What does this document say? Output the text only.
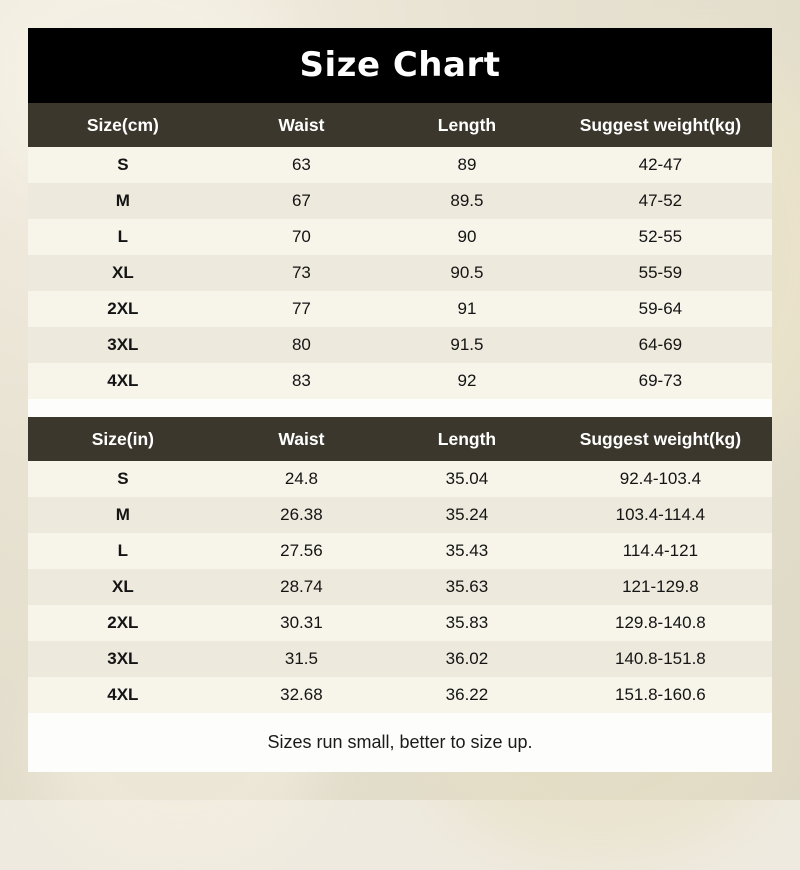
Size Chart
Size(cm)	Waist	Length	Suggest weight(kg)
S	63	89	42-47
M	67	89.5	47-52
L	70	90	52-55
XL	73	90.5	55-59
2XL	77	91	59-64
3XL	80	91.5	64-69
4XL	83	92	69-73
Size(in)	Waist	Length	Suggest weight(kg)
S	24.8	35.04	92.4-103.4
M	26.38	35.24	103.4-114.4
L	27.56	35.43	114.4-121
XL	28.74	35.63	121-129.8
2XL	30.31	35.83	129.8-140.8
3XL	31.5	36.02	140.8-151.8
4XL	32.68	36.22	151.8-160.6
Sizes run small, better to size up.
